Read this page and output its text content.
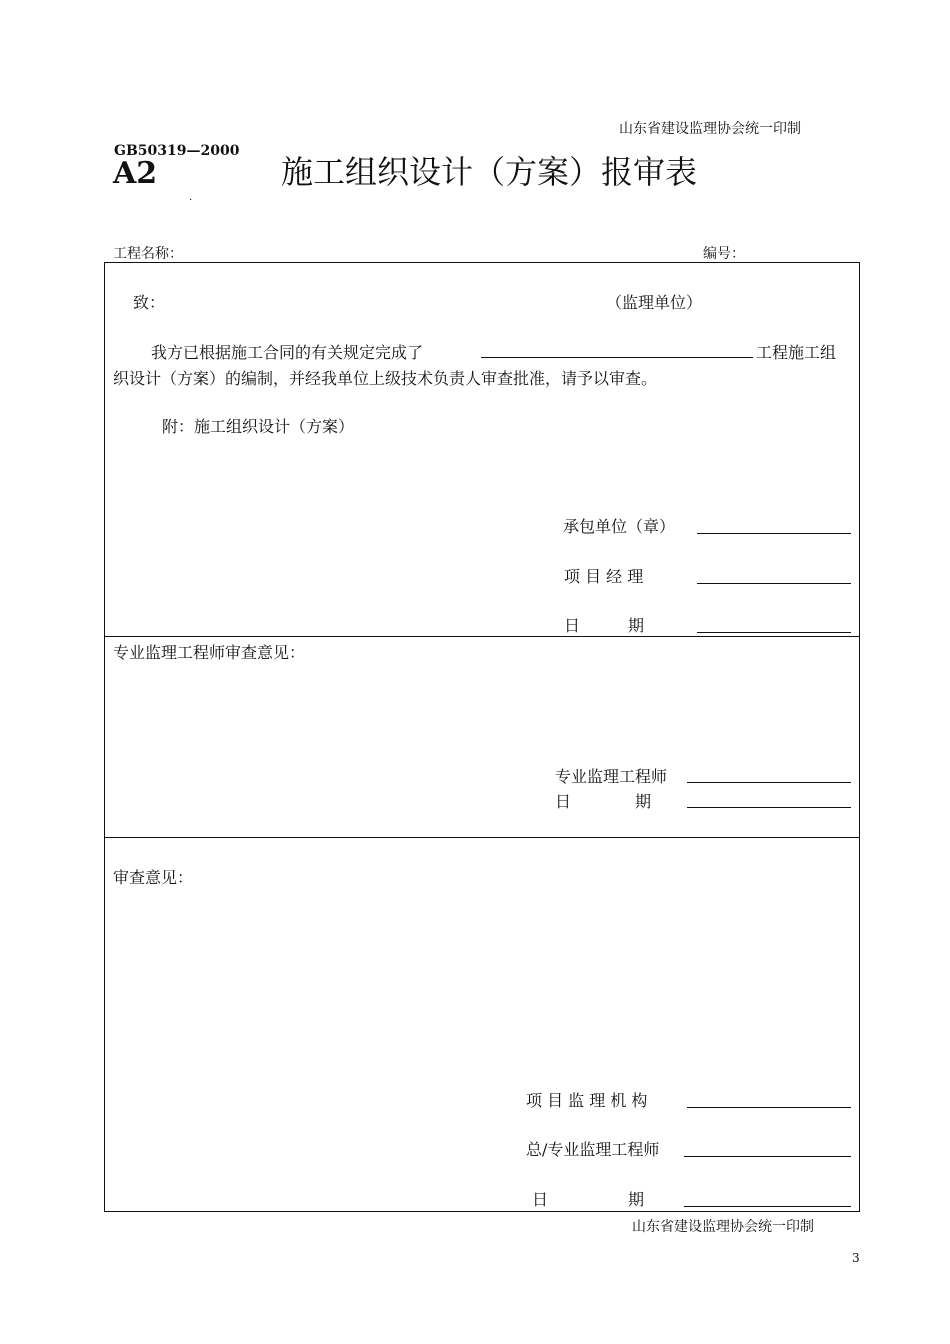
山东省建设监理协会统一印制
GB50319—2000
A2	施工组织设计（方案）报审表
·
工程名称：	编号：
致：	（监理单位）
我方已根据施工合同的有关规定完成了	工程施工组
织设计（方案）的编制，并经我单位上级技术负责人审查批准，请予以审查。
附：施工组织设计（方案）
承包单位（章）
项 目 经 理
日　　　期
专业监理工程师审查意见：
专业监理工程师
日　　　　期
审查意见：
项 目 监 理 机 构
总/专业监理工程师
日　　　　　期
山东省建设监理协会统一印制
3
